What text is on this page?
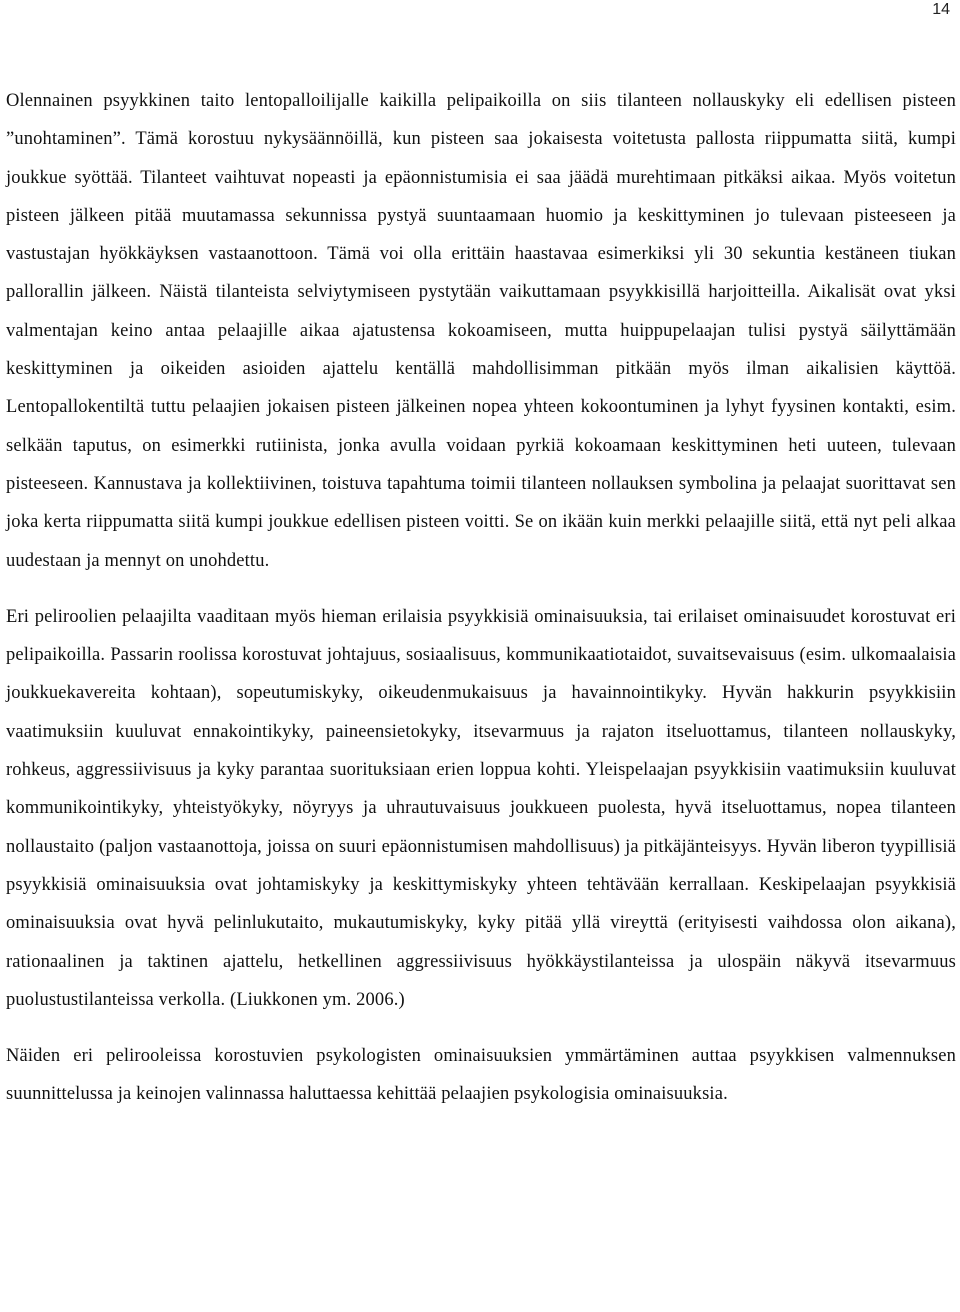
14

Olennainen psyykkinen taito lentopalloilijalle kaikilla pelipaikoilla on siis tilanteen nollauskyky eli edellisen pisteen ”unohtaminen”. Tämä korostuu nykysäännöillä, kun pisteen saa jokaisesta voitetusta pallosta riippumatta siitä, kumpi joukkue syöttää. Tilanteet vaihtuvat nopeasti ja epäonnistumisia ei saa jäädä murehtimaan pitkäksi aikaa. Myös voitetun pisteen jälkeen pitää muutamassa sekunnissa pystyä suuntaamaan huomio ja keskittyminen jo tulevaan pisteeseen ja vastustajan hyökkäyksen vastaanottoon. Tämä voi olla erittäin haastavaa esimerkiksi yli 30 sekuntia kestäneen tiukan pallorallin jälkeen. Näistä tilanteista selviytymiseen pystytään vaikuttamaan psyykkisillä harjoitteilla. Aikalisät ovat yksi valmentajan keino antaa pelaajille aikaa ajatustensa kokoamiseen, mutta huippupelaajan tulisi pystyä säilyttämään keskittyminen ja oikeiden asioiden ajattelu kentällä mahdollisimman pitkään myös ilman aikalisien käyttöä. Lentopallokentiltä tuttu pelaajien jokaisen pisteen jälkeinen nopea yhteen kokoontuminen ja lyhyt fyysinen kontakti, esim. selkään taputus, on esimerkki rutiinista, jonka avulla voidaan pyrkiä kokoamaan keskittyminen heti uuteen, tulevaan pisteeseen. Kannustava ja kollektiivinen, toistuva tapahtuma toimii tilanteen nollauksen symbolina ja pelaajat suorittavat sen joka kerta riippumatta siitä kumpi joukkue edellisen pisteen voitti. Se on ikään kuin merkki pelaajille siitä, että nyt peli alkaa uudestaan ja mennyt on unohdettu.

Eri peliroolien pelaajilta vaaditaan myös hieman erilaisia psyykkisiä ominaisuuksia, tai erilaiset ominaisuudet korostuvat eri pelipaikoilla. Passarin roolissa korostuvat johtajuus, sosiaalisuus, kommunikaatiotaidot, suvaitsevaisuus (esim. ulkomaalaisia joukkuekavereita kohtaan), sopeutumiskyky, oikeudenmukaisuus ja havainnointikyky. Hyvän hakkurin psyykkisiin vaatimuksiin kuuluvat ennakointikyky, paineensietokyky, itsevarmuus ja rajaton itseluottamus, tilanteen nollauskyky, rohkeus, aggressiivisuus ja kyky parantaa suorituksiaan erien loppua kohti. Yleispelaajan psyykkisiin vaatimuksiin kuuluvat kommunikointikyky, yhteistyökyky, nöyryys ja uhrautuvaisuus joukkueen puolesta, hyvä itseluottamus, nopea tilanteen nollaustaito (paljon vastaanottoja, joissa on suuri epäonnistumisen mahdollisuus) ja pitkäjänteisyys. Hyvän liberon tyypillisiä psyykkisiä ominaisuuksia ovat johtamiskyky ja keskittymiskyky yhteen tehtävään kerrallaan. Keskipelaajan psyykkisiä ominaisuuksia ovat hyvä pelinlukutaito, mukautumiskyky, kyky pitää yllä vireyttä (erityisesti vaihdossa olon aikana), rationaalinen ja taktinen ajattelu, hetkellinen aggressiivisuus hyökkäystilanteissa ja ulospäin näkyvä itsevarmuus puolustustilanteissa verkolla. (Liukkonen ym. 2006.)

Näiden eri pelirooleissa korostuvien psykologisten ominaisuuksien ymmärtäminen auttaa psyykkisen valmennuksen suunnittelussa ja keinojen valinnassa haluttaessa kehittää pelaajien psykologisia ominaisuuksia.
